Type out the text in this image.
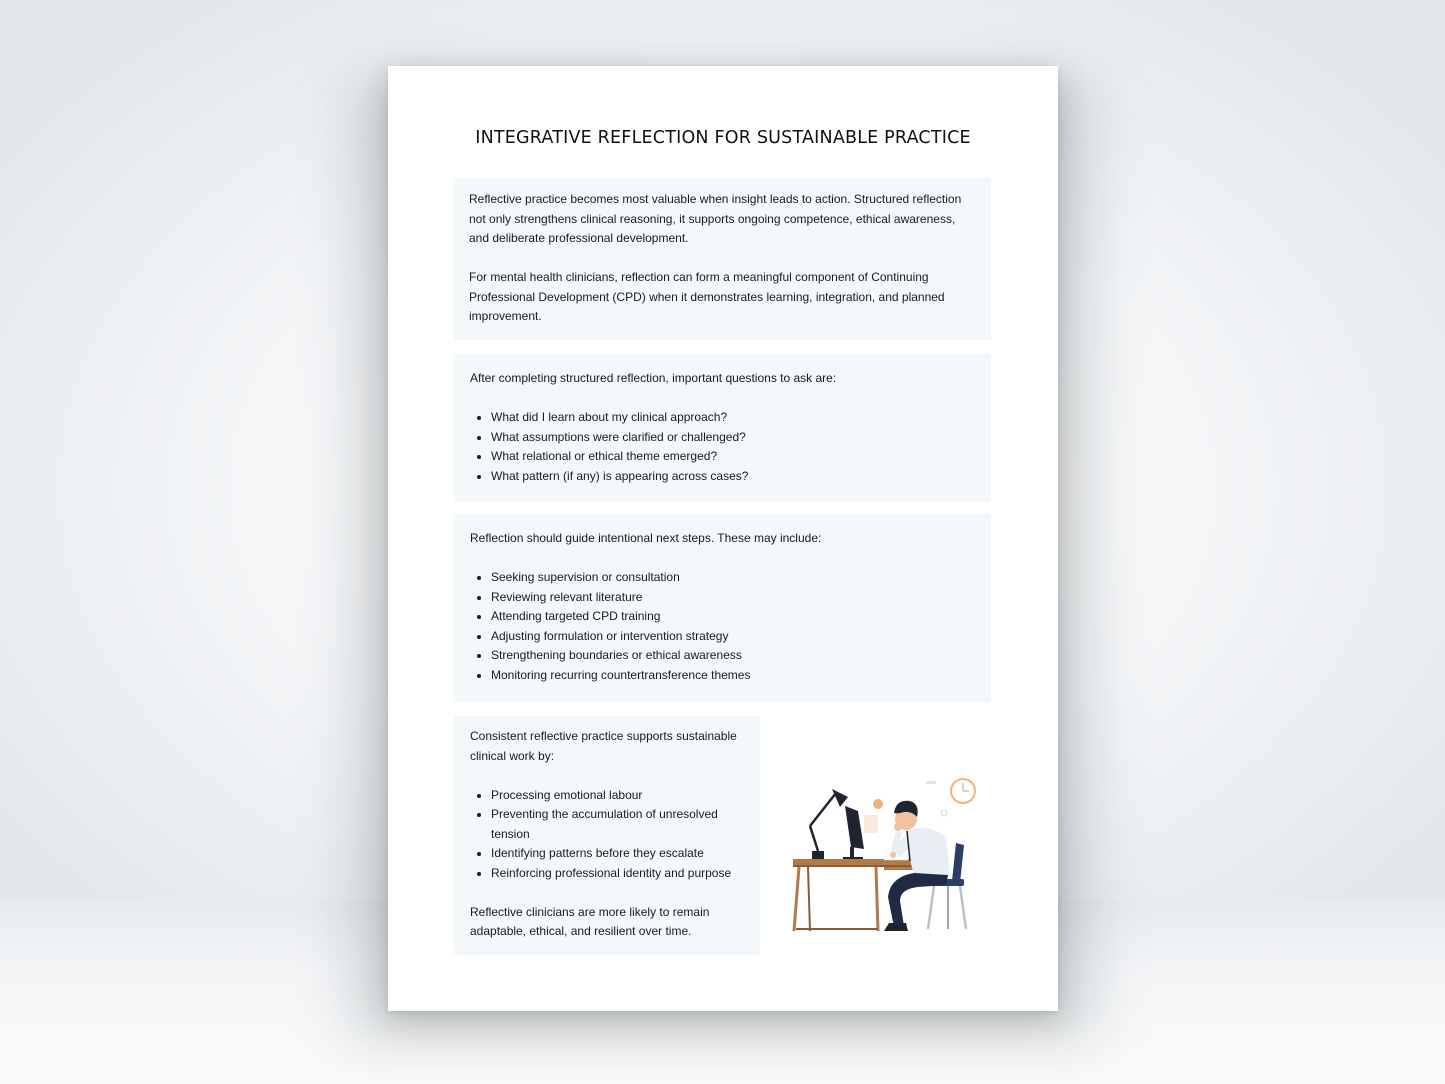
INTEGRATIVE REFLECTION FOR SUSTAINABLE PRACTICE

Reflective practice becomes most valuable when insight leads to action. Structured reflection not only strengthens clinical reasoning, it supports ongoing competence, ethical awareness, and deliberate professional development.

For mental health clinicians, reflection can form a meaningful component of Continuing Professional Development (CPD) when it demonstrates learning, integration, and planned improvement.

After completing structured reflection, important questions to ask are:

• What did I learn about my clinical approach?
• What assumptions were clarified or challenged?
• What relational or ethical theme emerged?
• What pattern (if any) is appearing across cases?

Reflection should guide intentional next steps. These may include:

• Seeking supervision or consultation
• Reviewing relevant literature
• Attending targeted CPD training
• Adjusting formulation or intervention strategy
• Strengthening boundaries or ethical awareness
• Monitoring recurring countertransference themes

Consistent reflective practice supports sustainable clinical work by:

• Processing emotional labour
• Preventing the accumulation of unresolved tension
• Identifying patterns before they escalate
• Reinforcing professional identity and purpose

Reflective clinicians are more likely to remain adaptable, ethical, and resilient over time.
